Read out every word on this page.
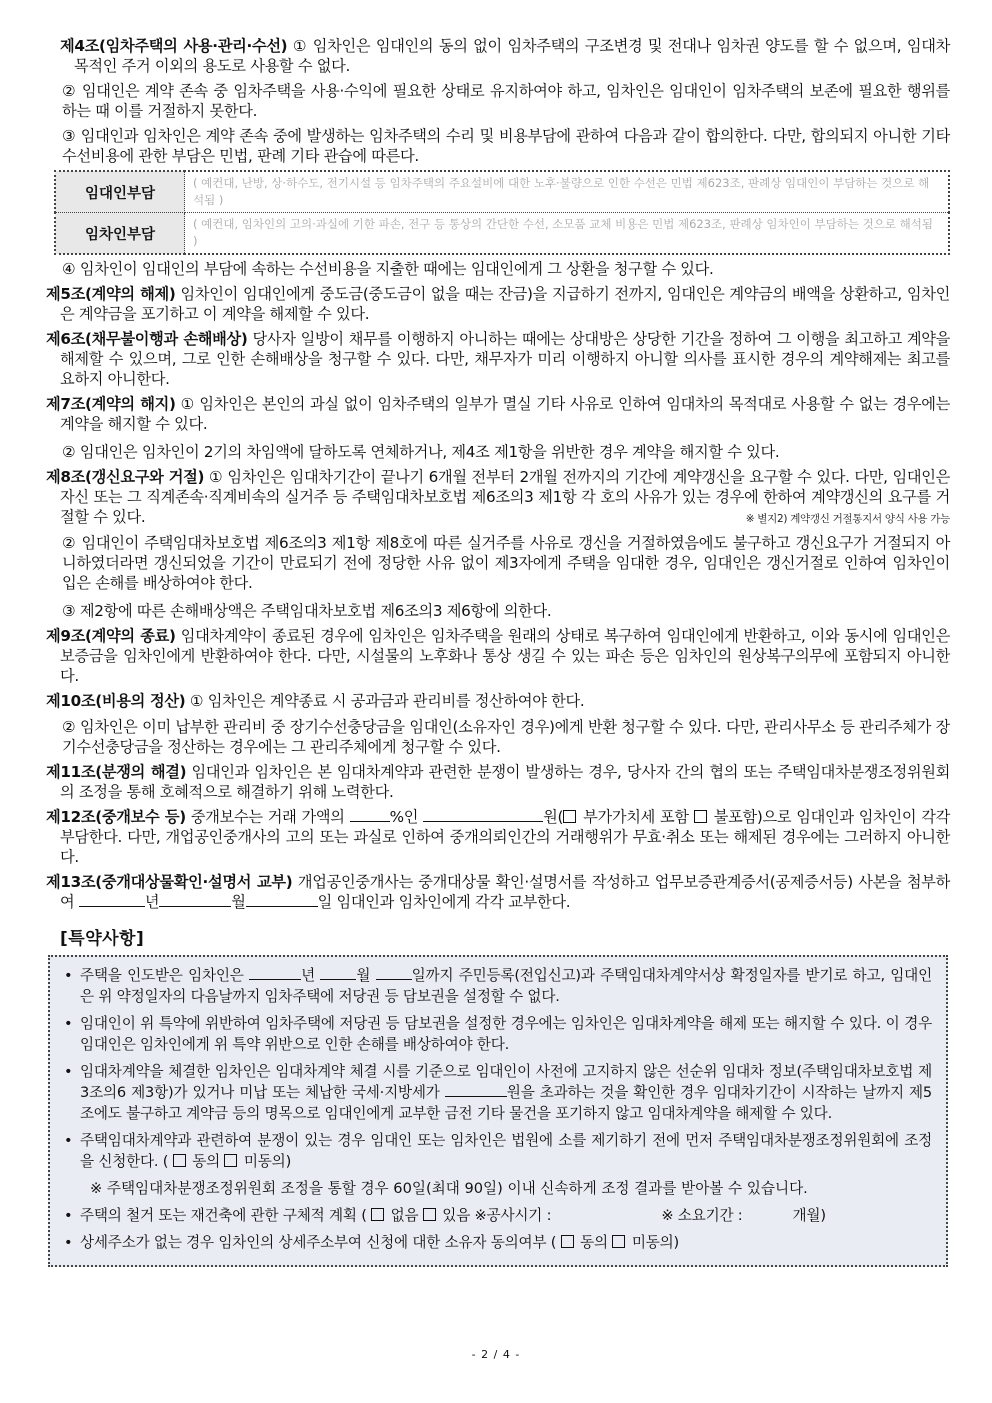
제4조(임차주택의 사용·관리·수선) ① 임차인은 임대인의 동의 없이 임차주택의 구조변경 및 전대나 임차권 양도를 할 수 없으며, 임대차 목적인 주거 이외의 용도로 사용할 수 없다.

② 임대인은 계약 존속 중 임차주택을 사용·수익에 필요한 상태로 유지하여야 하고, 임차인은 임대인이 임차주택의 보존에 필요한 행위를 하는 때 이를 거절하지 못한다.

③ 임대인과 임차인은 계약 존속 중에 발생하는 임차주택의 수리 및 비용부담에 관하여 다음과 같이 합의한다. 다만, 합의되지 아니한 기타 수선비용에 관한 부담은 민법, 판례 기타 관습에 따른다.

임대인부담	( 예컨대, 난방, 상·하수도, 전기시설 등 임차주택의 주요설비에 대한 노후·불량으로 인한 수선은 민법 제623조, 판례상 임대인이 부담하는 것으로 해석됨 )
임차인부담	( 예컨대, 임차인의 고의·과실에 기한 파손, 전구 등 통상의 간단한 수선, 소모품 교체 비용은 민법 제623조, 판례상 임차인이 부담하는 것으로 해석됨 )

④ 임차인이 임대인의 부담에 속하는 수선비용을 지출한 때에는 임대인에게 그 상환을 청구할 수 있다.

제5조(계약의 해제) 임차인이 임대인에게 중도금(중도금이 없을 때는 잔금)을 지급하기 전까지, 임대인은 계약금의 배액을 상환하고, 임차인은 계약금을 포기하고 이 계약을 해제할 수 있다.

제6조(채무불이행과 손해배상) 당사자 일방이 채무를 이행하지 아니하는 때에는 상대방은 상당한 기간을 정하여 그 이행을 최고하고 계약을 해제할 수 있으며, 그로 인한 손해배상을 청구할 수 있다. 다만, 채무자가 미리 이행하지 아니할 의사를 표시한 경우의 계약해제는 최고를 요하지 아니한다.

제7조(계약의 해지) ① 임차인은 본인의 과실 없이 임차주택의 일부가 멸실 기타 사유로 인하여 임대차의 목적대로 사용할 수 없는 경우에는 계약을 해지할 수 있다.

② 임대인은 임차인이 2기의 차임액에 달하도록 연체하거나, 제4조 제1항을 위반한 경우 계약을 해지할 수 있다.

제8조(갱신요구와 거절) ① 임차인은 임대차기간이 끝나기 6개월 전부터 2개월 전까지의 기간에 계약갱신을 요구할 수 있다. 다만, 임대인은 자신 또는 그 직계존속·직계비속의 실거주 등 주택임대차보호법 제6조의3 제1항 각 호의 사유가 있는 경우에 한하여 계약갱신의 요구를 거절할 수 있다.	※ 별지2) 계약갱신 거절통지서 양식 사용 가능

② 임대인이 주택임대차보호법 제6조의3 제1항 제8호에 따른 실거주를 사유로 갱신을 거절하였음에도 불구하고 갱신요구가 거절되지 아니하였더라면 갱신되었을 기간이 만료되기 전에 정당한 사유 없이 제3자에게 주택을 임대한 경우, 임대인은 갱신거절로 인하여 임차인이 입은 손해를 배상하여야 한다.

③ 제2항에 따른 손해배상액은 주택임대차보호법 제6조의3 제6항에 의한다.

제9조(계약의 종료) 임대차계약이 종료된 경우에 임차인은 임차주택을 원래의 상태로 복구하여 임대인에게 반환하고, 이와 동시에 임대인은 보증금을 임차인에게 반환하여야 한다. 다만, 시설물의 노후화나 통상 생길 수 있는 파손 등은 임차인의 원상복구의무에 포함되지 아니한다.

제10조(비용의 정산) ① 임차인은 계약종료 시 공과금과 관리비를 정산하여야 한다.

② 임차인은 이미 납부한 관리비 중 장기수선충당금을 임대인(소유자인 경우)에게 반환 청구할 수 있다. 다만, 관리사무소 등 관리주체가 장기수선충당금을 정산하는 경우에는 그 관리주체에게 청구할 수 있다.

제11조(분쟁의 해결) 임대인과 임차인은 본 임대차계약과 관련한 분쟁이 발생하는 경우, 당사자 간의 협의 또는 주택임대차분쟁조정위원회의 조정을 통해 호혜적으로 해결하기 위해 노력한다.

제12조(중개보수 등) 중개보수는 거래 가액의	%인	원( 부가가치세 포함  불포함)으로 임대인과 임차인이 각각 부담한다. 다만, 개업공인중개사의 고의 또는 과실로 인하여 중개의뢰인간의 거래행위가 무효·취소 또는 해제된 경우에는 그러하지 아니한다.

제13조(중개대상물확인·설명서 교부) 개업공인중개사는 중개대상물 확인·설명서를 작성하고 업무보증관계증서(공제증서등) 사본을 첨부하여	년	월	일 임대인과 임차인에게 각각 교부한다.

[특약사항]
• 주택을 인도받은 임차인은	년 월 일까지 주민등록(전입신고)과 주택임대차계약서상 확정일자를 받기로 하고, 임대인은 위 약정일자의 다음날까지 임차주택에 저당권 등 담보권을 설정할 수 없다.
• 임대인이 위 특약에 위반하여 임차주택에 저당권 등 담보권을 설정한 경우에는 임차인은 임대차계약을 해제 또는 해지할 수 있다. 이 경우 임대인은 임차인에게 위 특약 위반으로 인한 손해를 배상하여야 한다.
• 임대차계약을 체결한 임차인은 임대차계약 체결 시를 기준으로 임대인이 사전에 고지하지 않은 선순위 임대차 정보(주택임대차보호법 제3조의6 제3항)가 있거나 미납 또는 체납한 국세·지방세가	원을 초과하는 것을 확인한 경우 임대차기간이 시작하는 날까지 제5조에도 불구하고 계약금 등의 명목으로 임대인에게 교부한 금전 기타 물건을 포기하지 않고 임대차계약을 해제할 수 있다.
• 주택임대차계약과 관련하여 분쟁이 있는 경우 임대인 또는 임차인은 법원에 소를 제기하기 전에 먼저 주택임대차분쟁조정위원회에 조정을 신청한다. (  동의  미동의)
※ 주택임대차분쟁조정위원회 조정을 통할 경우 60일(최대 90일) 이내 신속하게 조정 결과를 받아볼 수 있습니다.
• 주택의 철거 또는 재건축에 관한 구체적 계획 (  없음  있음 ※공사시기 :	※ 소요기간 :	개월)
• 상세주소가 없는 경우 임차인의 상세주소부여 신청에 대한 소유자 동의여부 (  동의  미동의)
- 2 / 4 -
